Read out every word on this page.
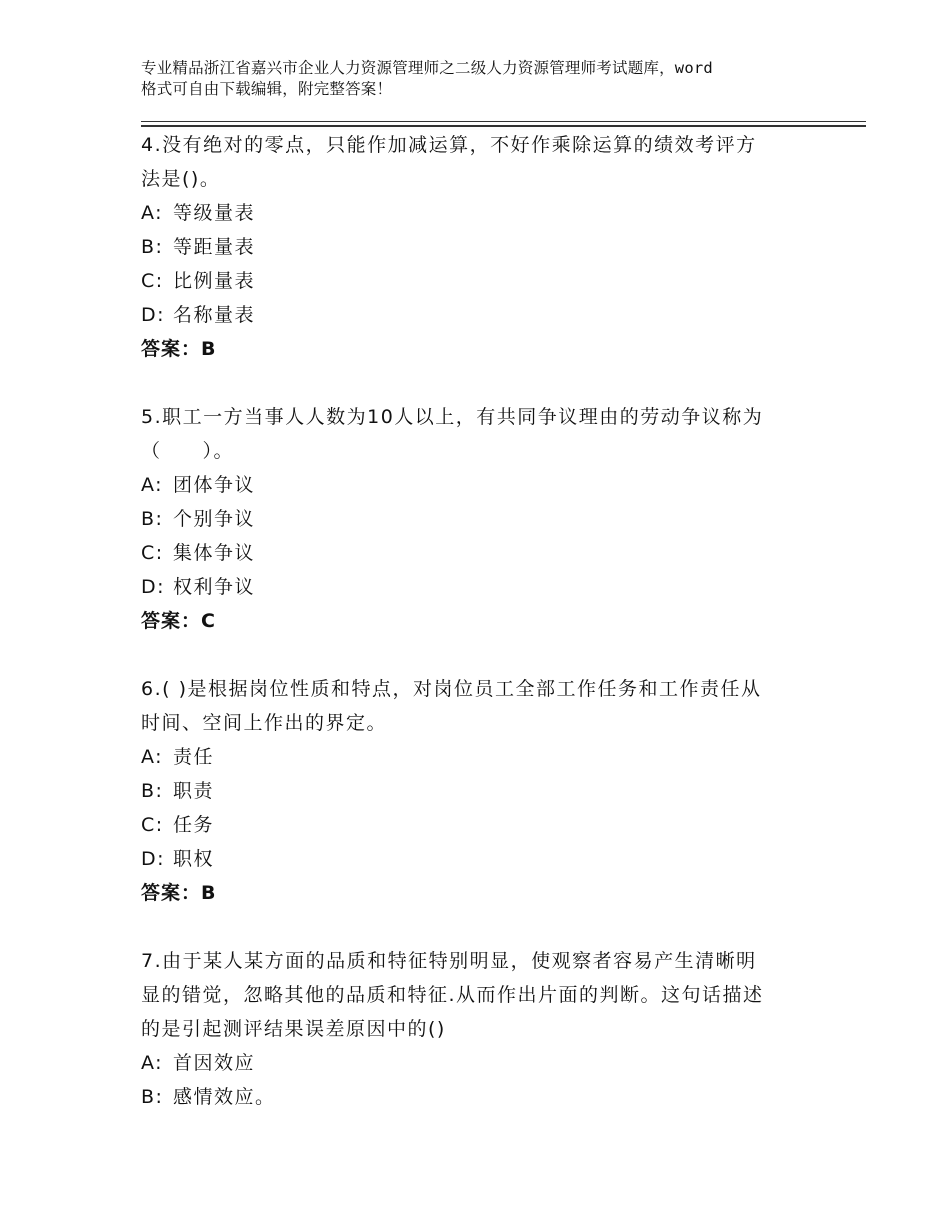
专业精品浙江省嘉兴市企业人力资源管理师之二级人力资源管理师考试题库，word
格式可自由下载编辑，附完整答案！
4.没有绝对的零点，只能作加减运算，不好作乘除运算的绩效考评方
法是()。
A: 等级量表
B: 等距量表
C: 比例量表
D: 名称量表
答案：B
5.职工一方当事人人数为10人以上，有共同争议理由的劳动争议称为
（　　）。
A: 团体争议
B: 个别争议
C: 集体争议
D: 权利争议
答案：C
6.( )是根据岗位性质和特点，对岗位员工全部工作任务和工作责任从
时间、空间上作出的界定。
A: 责任
B: 职责
C: 任务
D: 职权
答案：B
7.由于某人某方面的品质和特征特别明显，使观察者容易产生清晰明
显的错觉，忽略其他的品质和特征.从而作出片面的判断。这句话描述
的是引起测评结果误差原因中的()
A: 首因效应
B: 感情效应。
